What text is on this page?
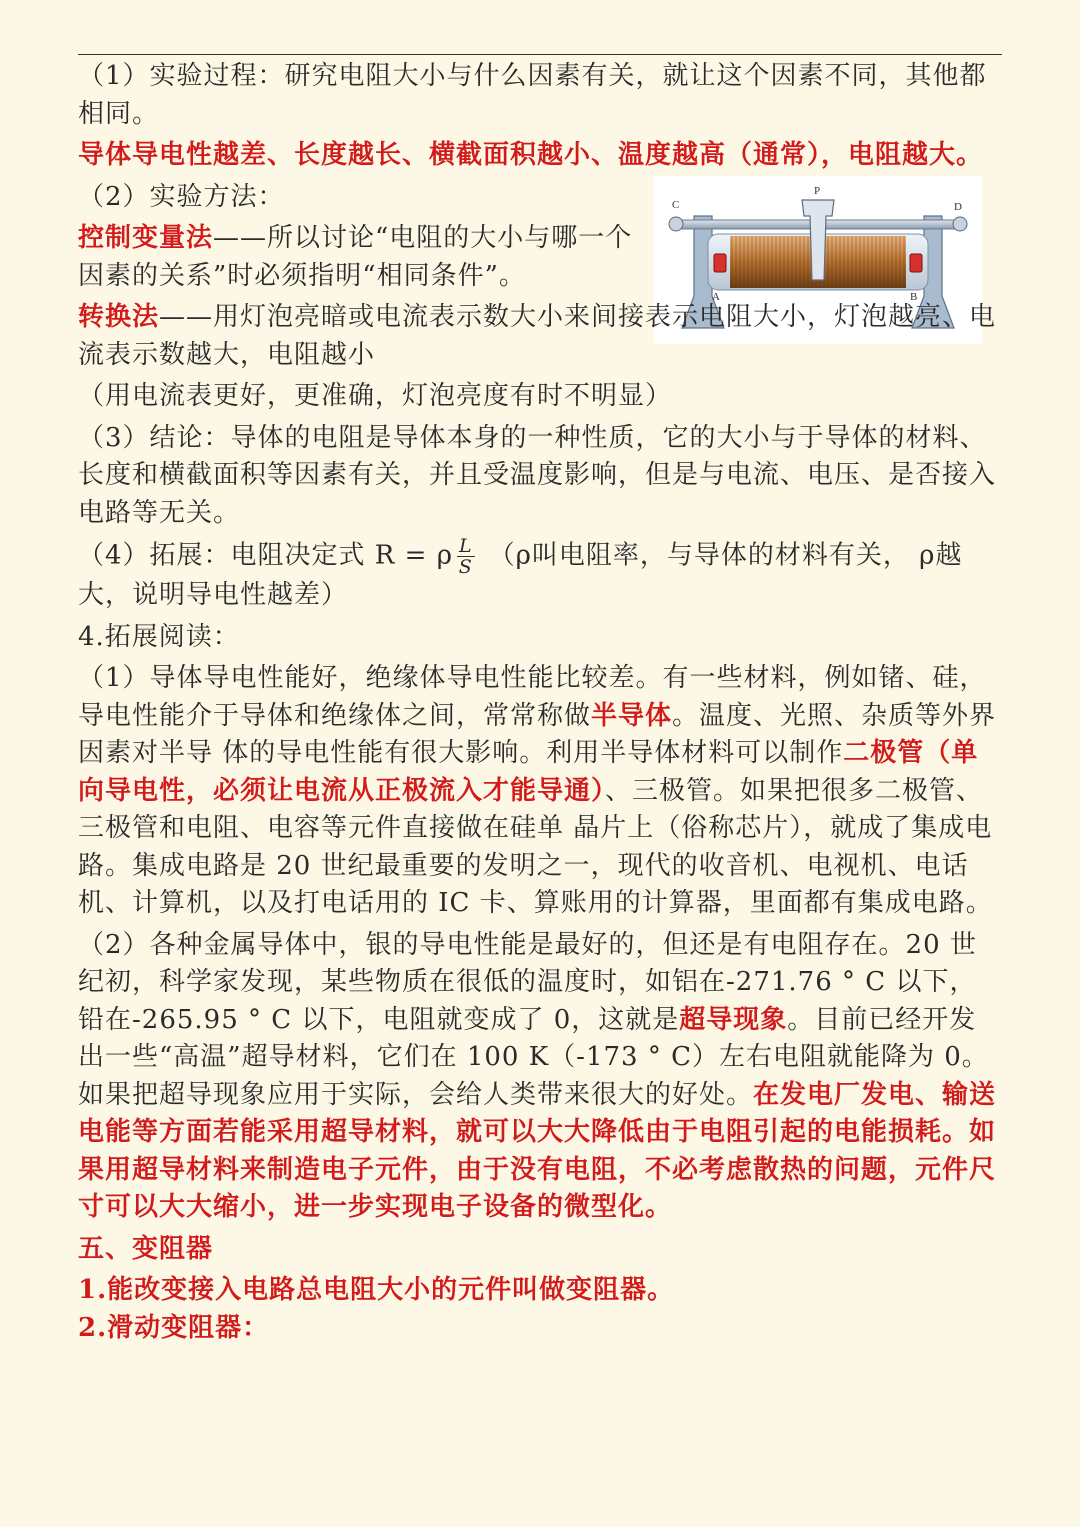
C
P
D
A	B

（1）实验过程：研究电阻大小与什么因素有关，就让这个因素不同，其他都相同。

导体导电性越差、长度越长、横截面积越小、温度越高（通常），电阻越大。

（2）实验方法：

控制变量法——所以讨论“电阻的大小与哪一个因素的关系”时必须指明“相同条件”。

转换法——用灯泡亮暗或电流表示数大小来间接表示电阻大小，灯泡越亮、电流表示数越大，电阻越小

（用电流表更好，更准确，灯泡亮度有时不明显）

（3）结论：导体的电阻是导体本身的一种性质，它的大小与于导体的材料、长度和横截面积等因素有关，并且受温度影响，但是与电流、电压、是否接入电路等无关。

（4）拓展：电阻决定式 R = ρ $\frac{L}{S} (\rho$叫电阻率，与导体的材料有关， ρ越大，说明导电性越差）

4.拓展阅读：

（1）导体导电性能好，绝缘体导电性能比较差。有一些材料，例如锗、硅，导电性能介于导体和绝缘体之间，常常称做半导体。温度、光照、杂质等外界因素对半导 体的导电性能有很大影响。利用半导体材料可以制作二极管（单向导电性，必须让电流从正极流入才能导通）、三极管。如果把很多二极管、三极管和电阻、电容等元件直接做在硅单 晶片上（俗称芯片），就成了集成电路。集成电路是 20 世纪最重要的发明之一，现代的收音机、电视机、电话机、计算机，以及打电话用的 IC 卡、算账用的计算器，里面都有集成电路。

（2）各种金属导体中，银的导电性能是最好的，但还是有电阻存在。20 世纪初，科学家发现，某些物质在很低的温度时，如铝在-271.76 ° C 以下，铅在-265.95 ° C 以下，电阻就变成了 0，这就是超导现象。目前已经开发出一些“高温”超导材料，它们在 100 K（-173 ° C）左右电阻就能降为 0。如果把超导现象应用于实际，会给人类带来很大的好处。在发电厂发电、输送电能等方面若能采用超导材料，就可以大大降低由于电阻引起的电能损耗。如果用超导材料来制造电子元件，由于没有电阻，不必考虑散热的问题，元件尺寸可以大大缩小，进一步实现电子设备的微型化。

五、变阻器

1.能改变接入电路总电阻大小的元件叫做变阻器。

2.滑动变阻器：
